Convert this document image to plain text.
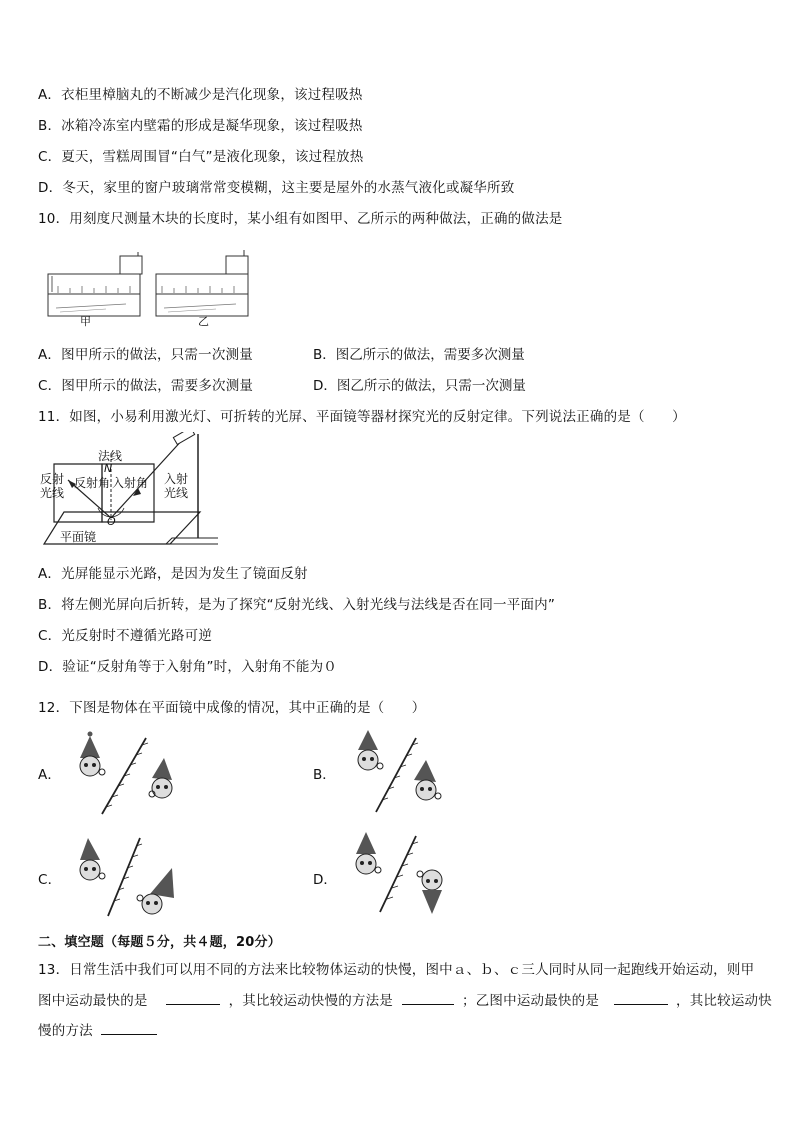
A．衣柜里樟脑丸的不断减少是汽化现象，该过程吸热
B．冰箱冷冻室内壁霜的形成是凝华现象，该过程吸热
C．夏天，雪糕周围冒“白气”是液化现象，该过程放热
D．冬天，家里的窗户玻璃常常变模糊，这主要是屋外的水蒸气液化或凝华所致
10．用刻度尺测量木块的长度时，某小组有如图甲、乙所示的两种做法，正确的做法是
甲	乙
A．图甲所示的做法，只需一次测量	B．图乙所示的做法，需要多次测量
C．图甲所示的做法，需要多次测量	D．图乙所示的做法，只需一次测量
11．如图，小易利用激光灯、可折转的光屏、平面镜等器材探究光的反射定律。下列说法正确的是（　　）
法线
N
反射
光线
反射角 入射角 入射
光线
O
平面镜
A．光屏能显示光路，是因为发生了镜面反射
B．将左侧光屏向后折转，是为了探究“反射光线、入射光线与法线是否在同一平面内”
C．光反射时不遵循光路可逆
D．验证“反射角等于入射角”时，入射角不能为０
12．下图是物体在平面镜中成像的情况，其中正确的是（　　）
A．	B．
C．	D．
二、填空题（每题５分，共４题，20分）
13．日常生活中我们可以用不同的方法来比较物体运动的快慢，图中ａ、ｂ、ｃ三人同时从同一起跑线开始运动，则甲
图中运动最快的是	，其比较运动快慢的方法是	；乙图中运动最快的是	，其比较运动快
慢的方法
